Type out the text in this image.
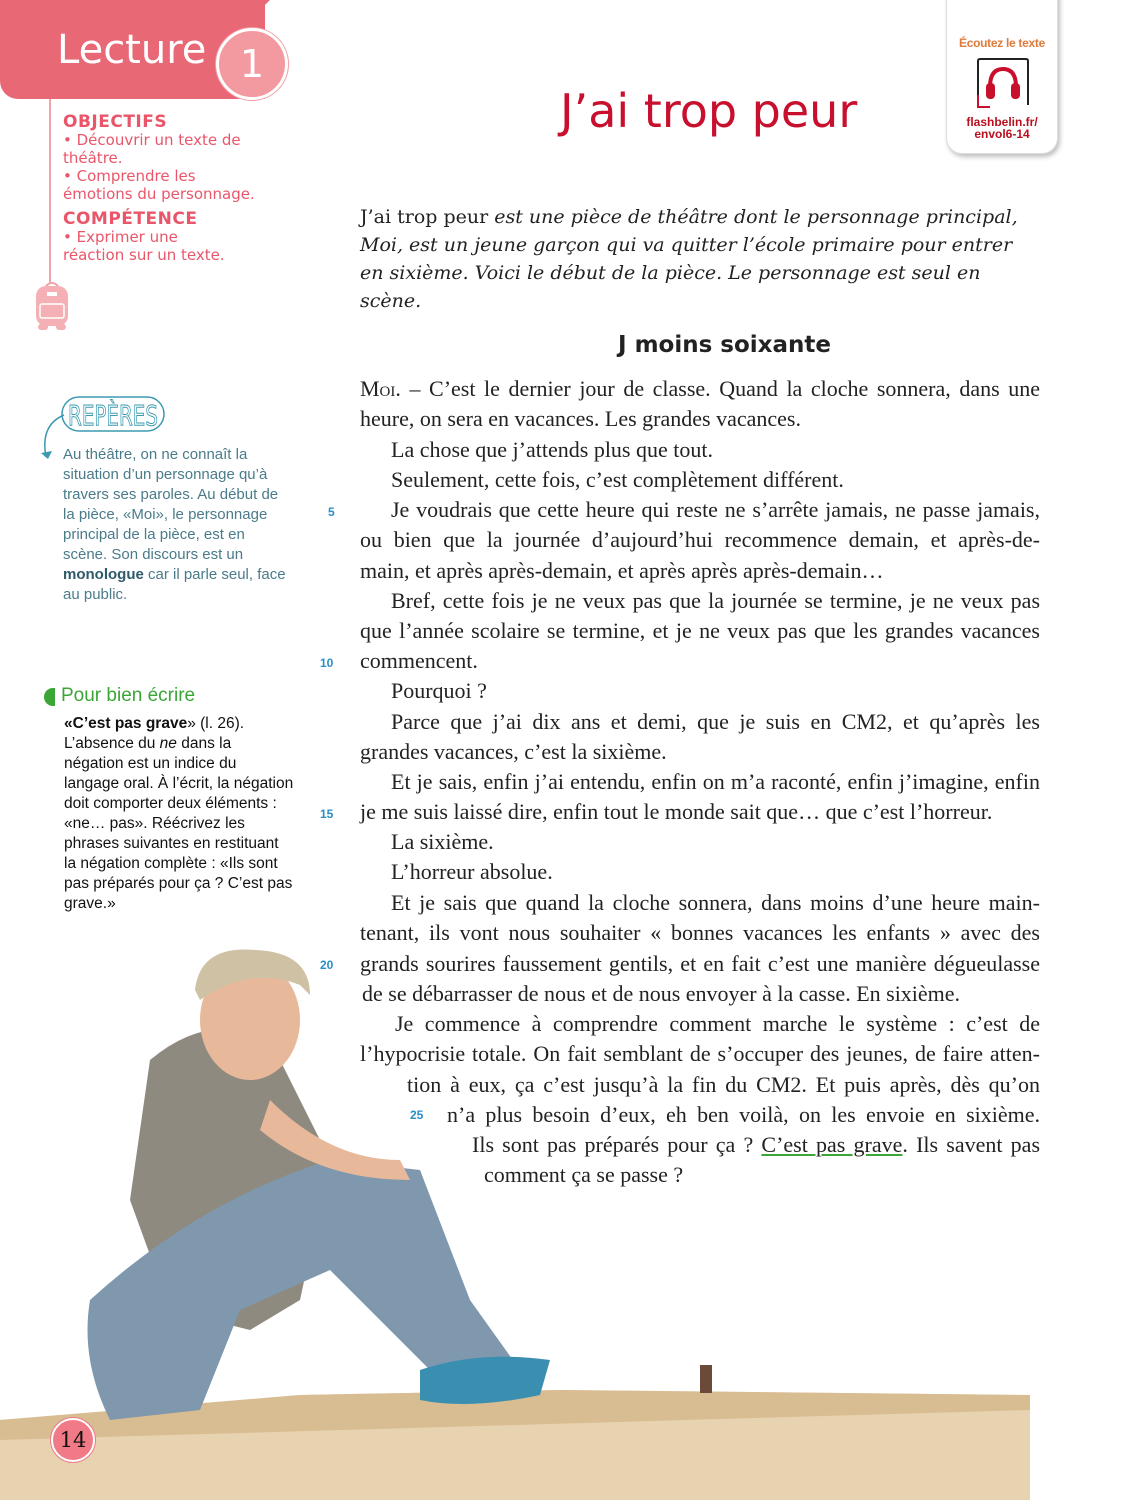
Lecture 1
OBJECTIFS
• Découvrir un texte de théâtre.
• Comprendre les émotions du personnage.
COMPÉTENCE
• Exprimer une réaction sur un texte.
J’ai trop peur
Écoutez le texte
flashbelin.fr/
envol6-14
J’ai trop peur est une pièce de théâtre dont le personnage principal, Moi, est un jeune garçon qui va quitter l’école primaire pour entrer en sixième. Voici le début de la pièce. Le personnage est seul en scène.
J moins soixante
REPÈRES
Au théâtre, on ne connaît la situation d’un personnage qu’à travers ses paroles. Au début de la pièce, «Moi», le personnage principal de la pièce, est en scène. Son discours est un monologue car il parle seul, face au public.
Pour bien écrire
«C’est pas grave» (l. 26). L’absence du ne dans la négation est un indice du langage oral. À l’écrit, la négation doit comporter deux éléments : «ne… pas». Réécrivez les phrases suivantes en restituant la négation complète : «Ils sont pas préparés pour ça ? C’est pas grave.»
Moi. – C’est le dernier jour de classe. Quand la cloche sonnera, dans une
heure, on sera en vacances. Les grandes vacances.
La chose que j’attends plus que tout.
Seulement, cette fois, c’est complètement différent.
Je voudrais que cette heure qui reste ne s’arrête jamais, ne passe jamais,
ou bien que la journée d’aujourd’hui recommence demain, et après-de-
main, et après après-demain, et après après après-demain…
Bref, cette fois je ne veux pas que la journée se termine, je ne veux pas
que l’année scolaire se termine, et je ne veux pas que les grandes vacances
commencent.
Pourquoi ?
Parce que j’ai dix ans et demi, que je suis en CM2, et qu’après les
grandes vacances, c’est la sixième.
Et je sais, enfin j’ai entendu, enfin on m’a raconté, enfin j’imagine, enfin
je me suis laissé dire, enfin tout le monde sait que… que c’est l’horreur.
La sixième.
L’horreur absolue.
Et je sais que quand la cloche sonnera, dans moins d’une heure main-
tenant, ils vont nous souhaiter « bonnes vacances les enfants » avec des
grands sourires faussement gentils, et en fait c’est une manière dégueulasse
de se débarrasser de nous et de nous envoyer à la casse. En sixième.
Je commence à comprendre comment marche le système : c’est de
l’hypocrisie totale. On fait semblant de s’occuper des jeunes, de faire atten-
tion à eux, ça c’est jusqu’à la fin du CM2. Et puis après, dès qu’on
n’a plus besoin d’eux, eh ben voilà, on les envoie en sixième.
Ils sont pas préparés pour ça ? C’est pas grave. Ils savent pas
comment ça se passe ?
5
10
15
20
25
14
